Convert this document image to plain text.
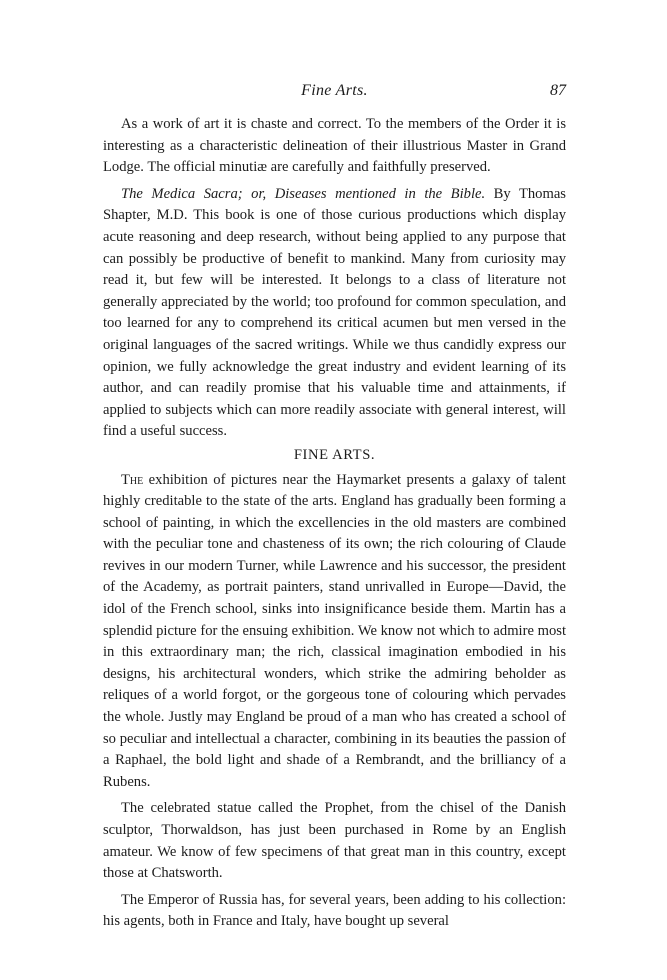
Fine Arts.	87

As a work of art it is chaste and correct. To the members of the Order it is interesting as a characteristic delineation of their illustrious Master in Grand Lodge. The official minutiæ are carefully and faithfully preserved.

The Medica Sacra; or, Diseases mentioned in the Bible. By Thomas Shapter, M.D. This book is one of those curious productions which display acute reasoning and deep research, without being applied to any purpose that can possibly be productive of benefit to mankind. Many from curiosity may read it, but few will be interested. It belongs to a class of literature not generally appreciated by the world; too profound for common speculation, and too learned for any to comprehend its critical acumen but men versed in the original languages of the sacred writings. While we thus candidly express our opinion, we fully acknowledge the great industry and evident learning of its author, and can readily promise that his valuable time and attainments, if applied to subjects which can more readily associate with general interest, will find a useful success.

FINE ARTS.

The exhibition of pictures near the Haymarket presents a galaxy of talent highly creditable to the state of the arts. England has gradually been forming a school of painting, in which the excellencies in the old masters are combined with the peculiar tone and chasteness of its own; the rich colouring of Claude revives in our modern Turner, while Lawrence and his successor, the president of the Academy, as portrait painters, stand unrivalled in Europe—David, the idol of the French school, sinks into insignificance beside them. Martin has a splendid picture for the ensuing exhibition. We know not which to admire most in this extraordinary man; the rich, classical imagination embodied in his designs, his architectural wonders, which strike the admiring beholder as reliques of a world forgot, or the gorgeous tone of colouring which pervades the whole. Justly may England be proud of a man who has created a school of so peculiar and intellectual a character, combining in its beauties the passion of a Raphael, the bold light and shade of a Rembrandt, and the brilliancy of a Rubens.

The celebrated statue called the Prophet, from the chisel of the Danish sculptor, Thorwaldson, has just been purchased in Rome by an English amateur. We know of few specimens of that great man in this country, except those at Chatsworth.

The Emperor of Russia has, for several years, been adding to his collection: his agents, both in France and Italy, have bought up several
